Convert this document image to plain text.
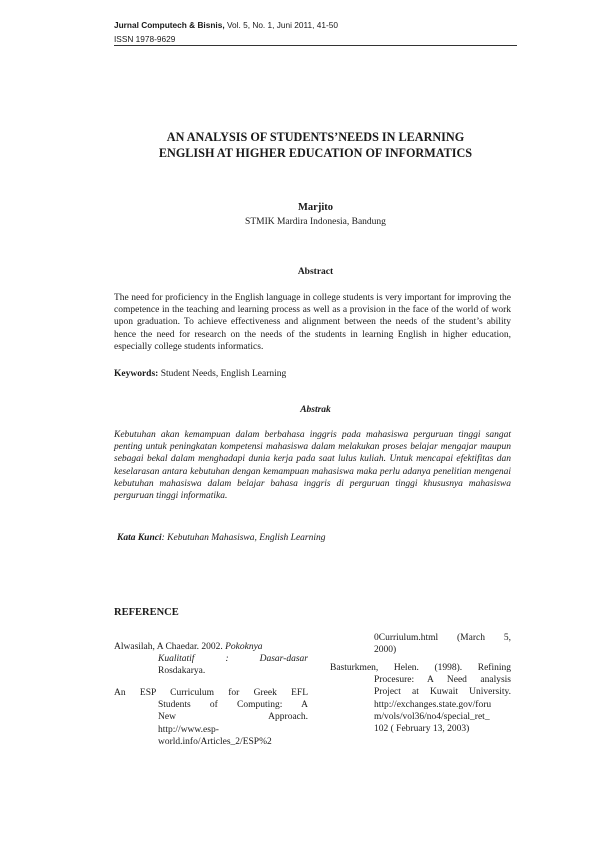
Jurnal Computech & Bisnis, Vol. 5, No. 1, Juni 2011, 41-50
ISSN 1978-9629
AN ANALYSIS OF STUDENTS’NEEDS IN LEARNING
ENGLISH AT HIGHER EDUCATION OF INFORMATICS
Marjito
STMIK Mardira Indonesia, Bandung
Abstract
The need for proficiency in the English language in college students is very important for improving the competence in the teaching and learning process as well as a provision in the face of the world of work upon graduation. To achieve effectiveness and alignment between the needs of the student’s ability hence the need for research on the needs of the students in learning English in higher education, especially college students informatics.
Keywords: Student Needs, English Learning
Abstrak
Kebutuhan akan kemampuan dalam berbahasa inggris pada mahasiswa perguruan tinggi sangat penting untuk peningkatan kompetensi mahasiswa dalam melakukan proses belajar mengajar maupun sebagai bekal dalam menghadapi dunia kerja pada saat lulus kuliah. Untuk mencapai efektifitas dan keselarasan antara kebutuhan dengan kemampuan mahasiswa maka perlu adanya penelitian mengenai kebutuhan mahasiswa dalam belajar bahasa inggris di perguruan tinggi khususnya mahasiswa perguruan tinggi informatika.
Kata Kunci: Kebutuhan Mahasiswa, English Learning
REFERENCE
Alwasilah, A Chaedar. 2002. Pokoknya
Kualitatif : Dasar-dasar
Rosdakarya.
An ESP Curriculum for Greek EFL
Students of Computing: A
New Approach.
http://www.esp-
world.info/Articles_2/ESP%2
0Curriulum.html (March 5,
2000)
Basturkmen, Helen. (1998). Refining
Procesure: A Need analysis
Project at Kuwait University.
http://exchanges.state.gov/foru
m/vols/vol36/no4/special_ret_
102 ( February 13, 2003)
